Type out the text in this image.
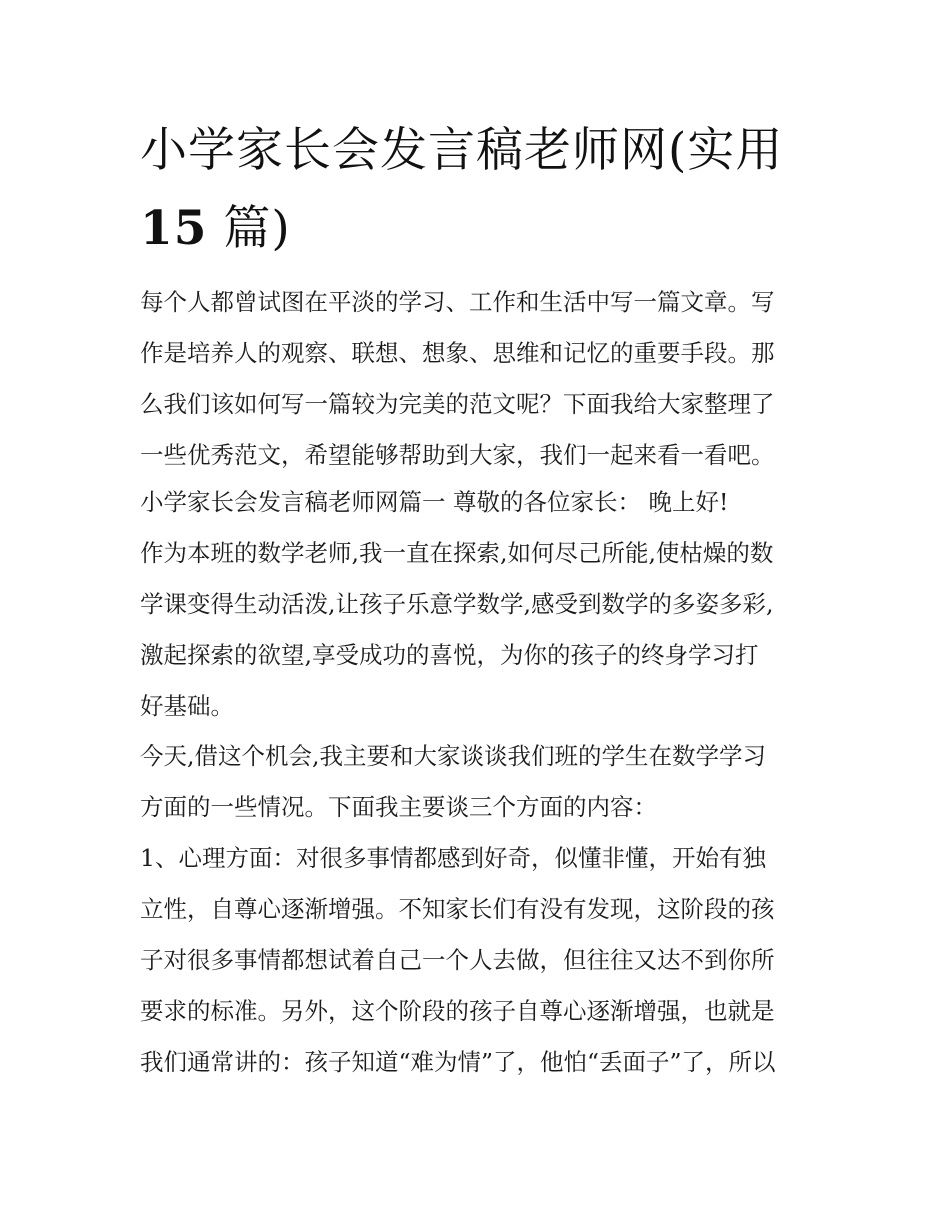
小学家长会发言稿老师网(实用
15 篇)

每个人都曾试图在平淡的学习、工作和生活中写一篇文章。写

作是培养人的观察、联想、想象、思维和记忆的重要手段。那

么我们该如何写一篇较为完美的范文呢？下面我给大家整理了

一些优秀范文，希望能够帮助到大家，我们一起来看一看吧。

小学家长会发言稿老师网篇一 尊敬的各位家长： 晚上好!

作为本班的数学老师,我一直在探索,如何尽己所能,使枯燥的数

学课变得生动活泼,让孩子乐意学数学,感受到数学的多姿多彩,

激起探索的欲望,享受成功的喜悦，为你的孩子的终身学习打

好基础。

今天,借这个机会,我主要和大家谈谈我们班的学生在数学学习

方面的一些情况。下面我主要谈三个方面的内容：

1、心理方面：对很多事情都感到好奇，似懂非懂，开始有独

立性，自尊心逐渐增强。不知家长们有没有发现，这阶段的孩

子对很多事情都想试着自己一个人去做，但往往又达不到你所

要求的标准。另外，这个阶段的孩子自尊心逐渐增强，也就是

我们通常讲的：孩子知道“难为情”了，他怕“丢面子”了，所以
